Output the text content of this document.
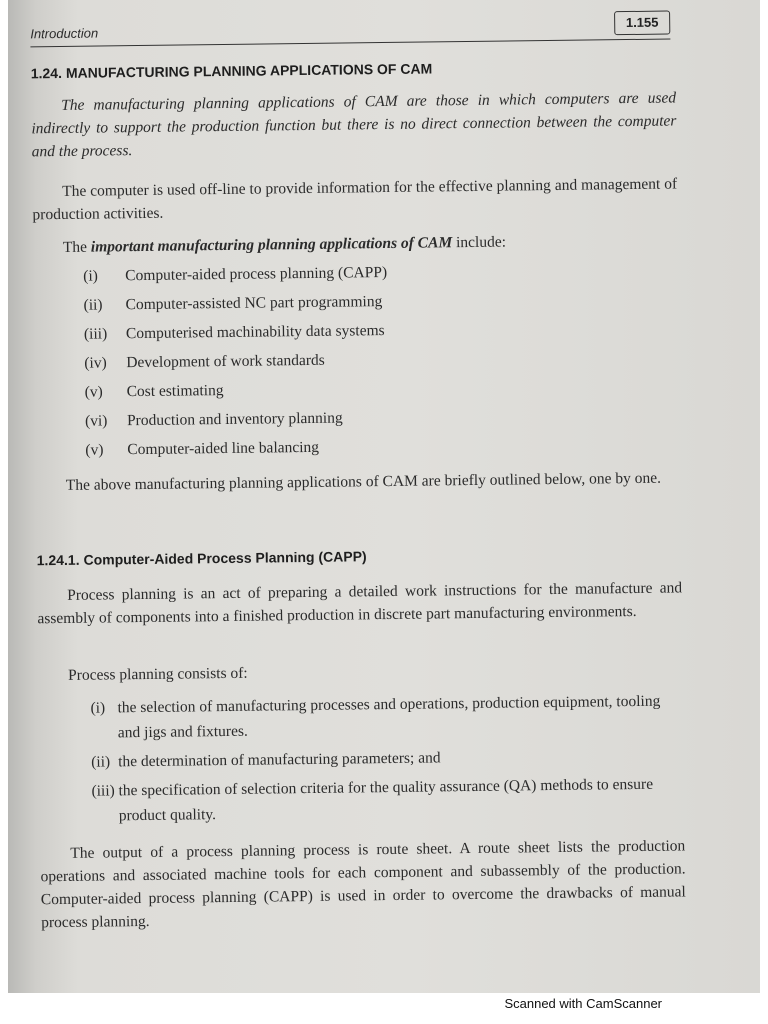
Introduction
1.155
1.24. MANUFACTURING PLANNING APPLICATIONS OF CAM

The manufacturing planning applications of CAM are those in which computers are used indirectly to support the production function but there is no direct connection between the computer and the process.

The computer is used off-line to provide information for the effective planning and management of production activities.

The important manufacturing planning applications of CAM include:

(i) Computer-aided process planning (CAPP)
(ii) Computer-assisted NC part programming
(iii) Computerised machinability data systems
(iv) Development of work standards
(v) Cost estimating
(vi) Production and inventory planning
(v) Computer-aided line balancing

The above manufacturing planning applications of CAM are briefly outlined below, one by one.

1.24.1. Computer-Aided Process Planning (CAPP)

Process planning is an act of preparing a detailed work instructions for the manufacture and assembly of components into a finished production in discrete part manufacturing environments.

Process planning consists of:

(i) the selection of manufacturing processes and operations, production equipment, tooling and jigs and fixtures.
(ii) the determination of manufacturing parameters; and
(iii) the specification of selection criteria for the quality assurance (QA) methods to ensure product quality.

The output of a process planning process is route sheet. A route sheet lists the production operations and associated machine tools for each component and subassembly of the production. Computer-aided process planning (CAPP) is used in order to overcome the drawbacks of manual process planning.

Scanned with CamScanner
